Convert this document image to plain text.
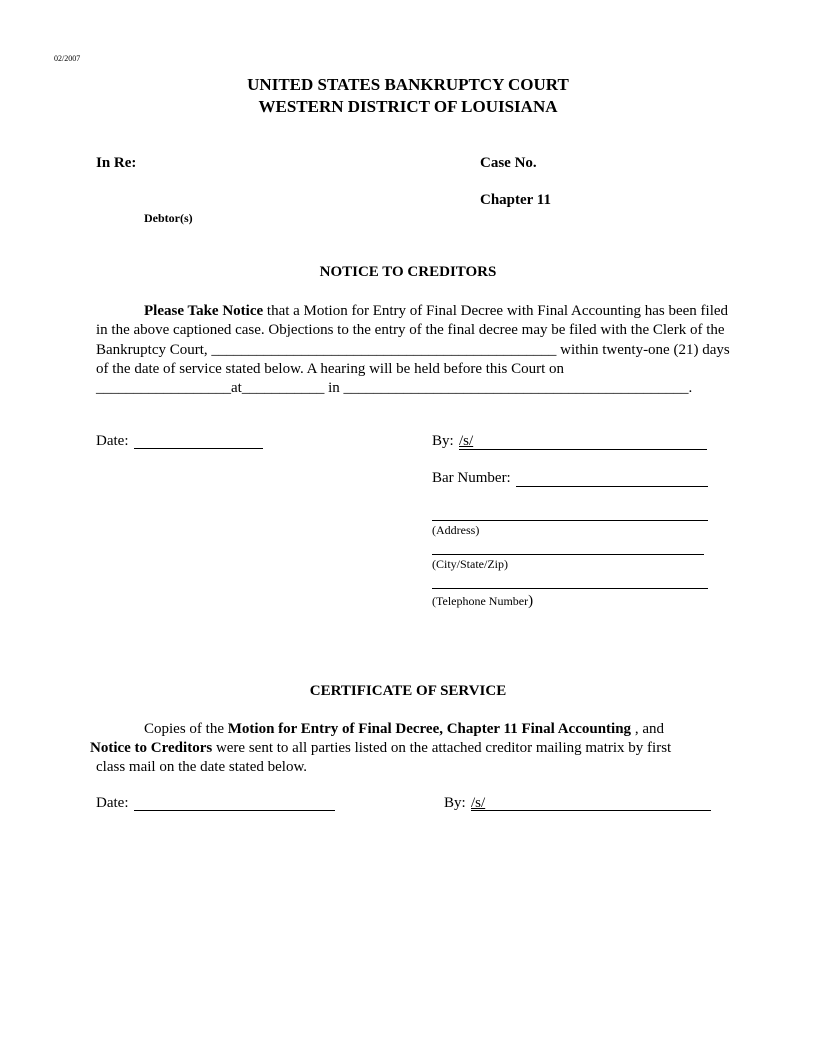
02/2007
UNITED STATES BANKRUPTCY COURT
WESTERN DISTRICT OF LOUISIANA
In Re:	Case No.
Chapter 11
Debtor(s)
NOTICE TO CREDITORS
Please Take Notice that a Motion for Entry of Final Decree with Final Accounting has been filed in the above captioned case. Objections to the entry of the final decree may be filed with the Clerk of the Bankruptcy Court, ______________________________________________ within twenty-one (21) days of the date of service stated below. A hearing will be held before this Court on __________________at___________ in ______________________________________________.
Date:	By: /s/
Bar Number:
(Address)
(City/State/Zip)
(Telephone Number)
CERTIFICATE OF SERVICE
Copies of the Motion for Entry of Final Decree, Chapter 11 Final Accounting , and
Notice to Creditors were sent to all parties listed on the attached creditor mailing matrix by first
class mail on the date stated below.
Date:	By: /s/
